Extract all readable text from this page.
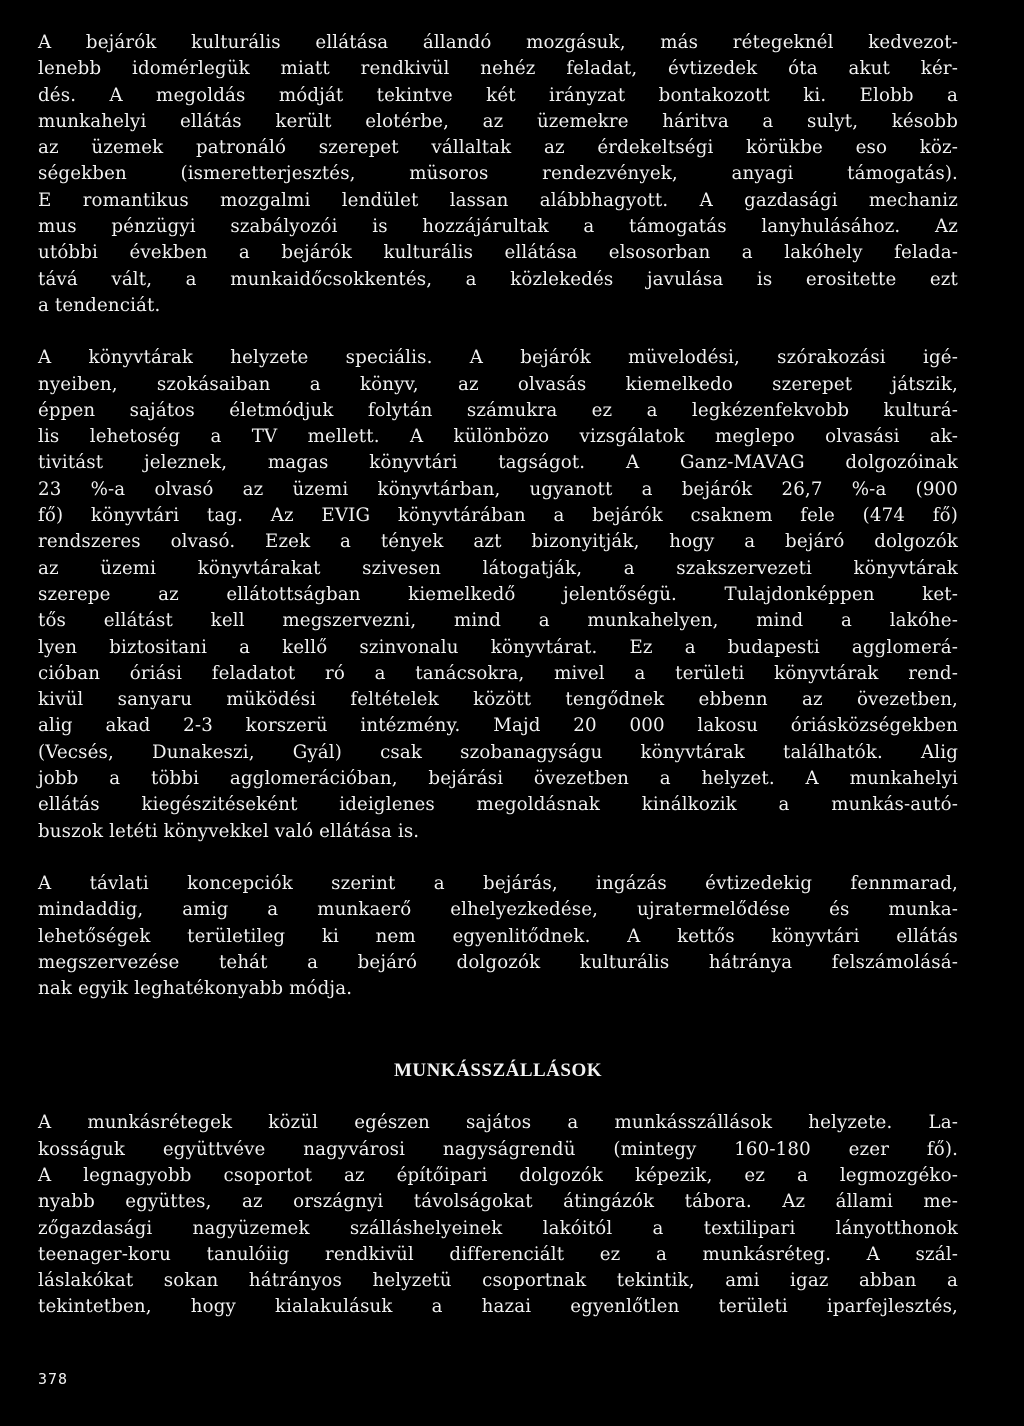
A bejárók kulturális ellátása állandó mozgásuk, más rétegeknél kedvezot-
lenebb idomérlegük miatt rendkivül nehéz feladat, évtizedek óta akut kér-
dés. A megoldás módját tekintve két irányzat bontakozott ki. Elobb a
munkahelyi ellátás került elotérbe, az üzemekre háritva a sulyt, késobb
az üzemek patronáló szerepet vállaltak az érdekeltségi körükbe eso köz-
ségekben (ismeretterjesztés, müsoros rendezvények, anyagi támogatás).
E romantikus mozgalmi lendület lassan alábbhagyott. A gazdasági mechaniz
mus pénzügyi szabályozói is hozzájárultak a támogatás lanyhulásához. Az
utóbbi években a bejárók kulturális ellátása elsosorban a lakóhely felada-
tává vált, a munkaidőcsokkentés, a közlekedés javulása is erositette ezt
a tendenciát.

A könyvtárak helyzete speciális. A bejárók müvelodési, szórakozási igé-
nyeiben, szokásaiban a könyv, az olvasás kiemelkedo szerepet játszik,
éppen sajátos életmódjuk folytán számukra ez a legkézenfekvobb kulturá-
lis lehetoség a TV mellett. A különbözo vizsgálatok meglepo olvasási ak-
tivitást jeleznek, magas könyvtári tagságot. A Ganz-MAVAG dolgozóinak
23 %-a olvasó az üzemi könyvtárban, ugyanott a bejárók 26,7 %-a (900
fő) könyvtári tag. Az EVIG könyvtárában a bejárók csaknem fele (474 fő)
rendszeres olvasó. Ezek a tények azt bizonyitják, hogy a bejáró dolgozók
az üzemi könyvtárakat szivesen látogatják, a szakszervezeti könyvtárak
szerepe az ellátottságban kiemelkedő jelentőségü. Tulajdonképpen ket-
tős ellátást kell megszervezni, mind a munkahelyen, mind a lakóhe-
lyen biztositani a kellő szinvonalu könyvtárat. Ez a budapesti agglomerá-
cióban óriási feladatot ró a tanácsokra, mivel a területi könyvtárak rend-
kivül sanyaru müködési feltételek között tengődnek ebbenn az övezetben,
alig akad 2-3 korszerü intézmény. Majd 20 000 lakosu óriásközségekben
(Vecsés, Dunakeszi, Gyál) csak szobanagyságu könyvtárak találhatók. Alig
jobb a többi agglomerációban, bejárási övezetben a helyzet. A munkahelyi
ellátás kiegészitéseként ideiglenes megoldásnak kinálkozik a munkás-autó-
buszok letéti könyvekkel való ellátása is.

A távlati koncepciók szerint a bejárás, ingázás évtizedekig fennmarad,
mindaddig, amig a munkaerő elhelyezkedése, ujratermelődése és munka-
lehetőségek területileg ki nem egyenlitődnek. A kettős könyvtári ellátás
megszervezése tehát a bejáró dolgozók kulturális hátránya felszámolásá-
nak egyik leghatékonyabb módja.

MUNKÁSSZÁLLÁSOK

A munkásrétegek közül egészen sajátos a munkásszállások helyzete. La-
kosságuk együttvéve nagyvárosi nagyságrendü (mintegy 160-180 ezer fő).
A legnagyobb csoportot az építőipari dolgozók képezik, ez a legmozgéko-
nyabb együttes, az országnyi távolságokat átingázók tábora. Az állami me-
zőgazdasági nagyüzemek szálláshelyeinek lakóitól a textilipari lányotthonok
teenager-koru tanulóiig rendkivül differenciált ez a munkásréteg. A szál-
láslakókat sokan hátrányos helyzetü csoportnak tekintik, ami igaz abban a
tekintetben, hogy kialakulásuk a hazai egyenlőtlen területi iparfejlesztés,

378
